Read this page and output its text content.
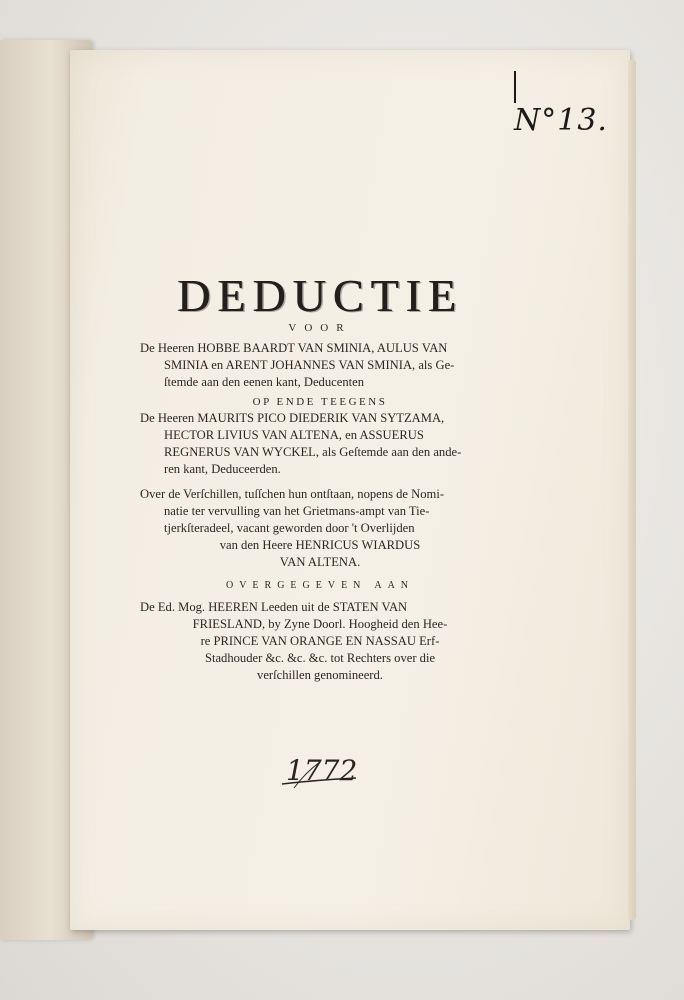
N°13.
DEDUCTIE
VOOR

De Heeren HOBBE BAARDT VAN SMINIA, AULUS VAN

SMINIA en ARENT JOHANNES VAN SMINIA, als Ge-

ſtemde aan den eenen kant, Deducenten

OP ENDE TEEGENS

De Heeren MAURITS PICO DIEDERIK VAN SYTZAMA,

HECTOR LIVIUS VAN ALTENA, en ASSUERUS

REGNERUS VAN WYCKEL, als Geſtemde aan den ande-

ren kant, Deduceerden.

Over de Verſchillen, tuſſchen hun ontſtaan, nopens de Nomi-

natie ter vervulling van het Grietmans-ampt van Tie-

tjerkſteradeel, vacant geworden door 't Overlijden

van den Heere HENRICUS WIARDUS

VAN ALTENA.

OVERGEGEVEN AAN

De Ed. Mog. HEEREN Leeden uit de STATEN VAN

FRIESLAND, by Zyne Doorl. Hoogheid den Hee-

re PRINCE VAN ORANGE EN NASSAU Erf-

Stadhouder &c. &c. &c. tot Rechters over die

verſchillen genomineerd.

1772
